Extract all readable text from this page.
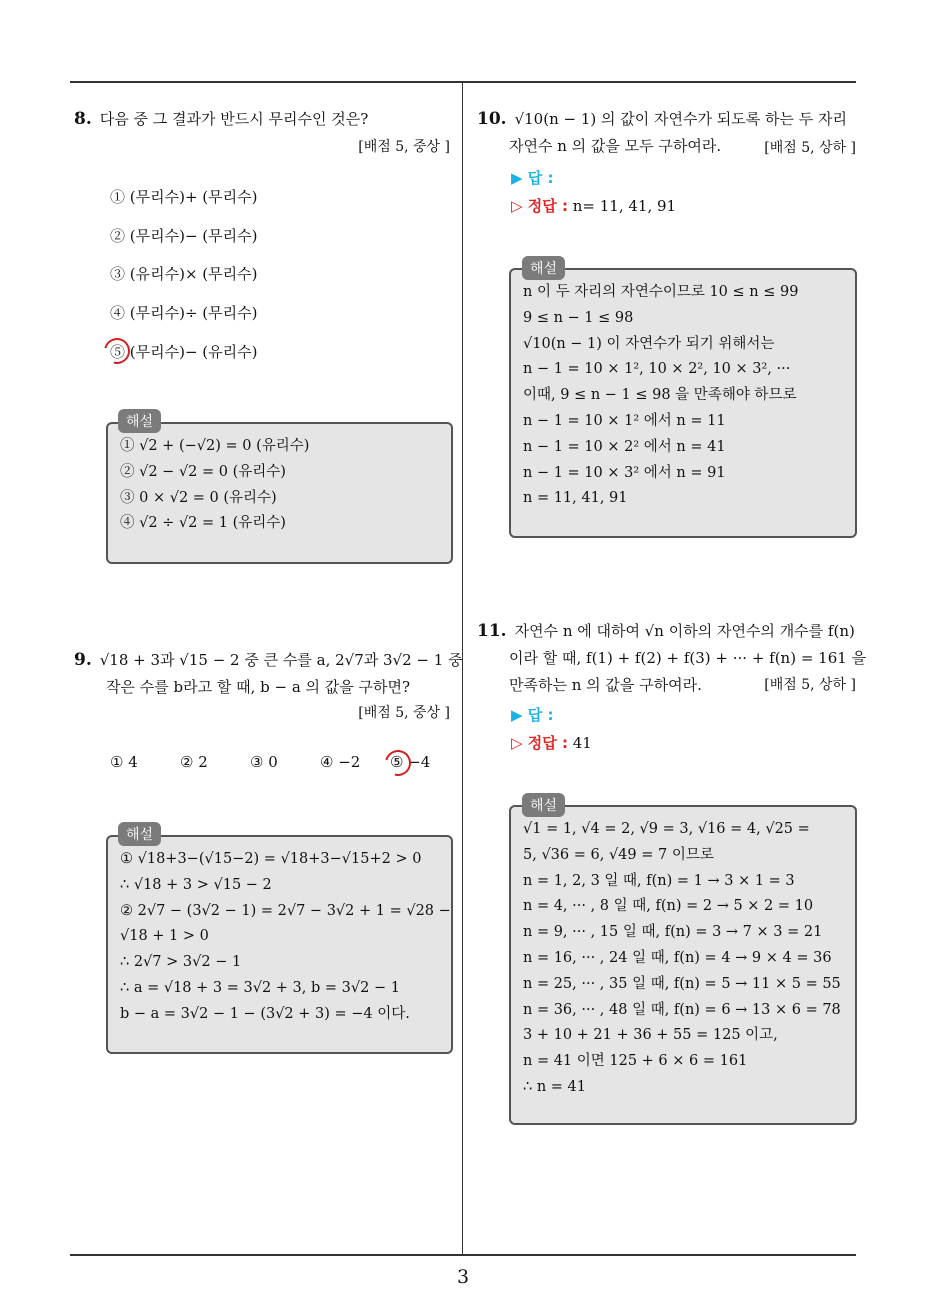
3
8. 다음 중 그 결과가 반드시 무리수인 것은?
[배점 5, 중상 ]
① (무리수)+ (무리수)
② (무리수)− (무리수)
③ (유리수)× (무리수)
④ (무리수)÷ (무리수)
⑤ (무리수)− (유리수)
① √2 + (−√2) = 0 (유리수)
② √2 − √2 = 0 (유리수)
③ 0 × √2 = 0 (유리수)
④ √2 ÷ √2 = 1 (유리수)
해설
9. √18 + 3과 √15 − 2 중 큰 수를 a, 2√7과 3√2 − 1 중
작은 수를 b라고 할 때, b − a 의 값을 구하면?
[배점 5, 중상 ]
① 4	② 2	③ 0	④ −2 ⑤ −4
① √18+3−(√15−2) = √18+3−√15+2 > 0
∴ √18 + 3 > √15 − 2
② 2√7 − (3√2 − 1) = 2√7 − 3√2 + 1 = √28 −
√18 + 1 > 0
∴ 2√7 > 3√2 − 1
∴ a = √18 + 3 = 3√2 + 3, b = 3√2 − 1
b − a = 3√2 − 1 − (3√2 + 3) = −4 이다.
해설
10. √10(n − 1) 의 값이 자연수가 되도록 하는 두 자리
자연수 n 의 값을 모두 구하여라.	[배점 5, 상하 ]
▶ 답 :
▷ 정답 : n= 11, 41, 91
n 이 두 자리의 자연수이므로 10 ≤ n ≤ 99
9 ≤ n − 1 ≤ 98
√10(n − 1) 이 자연수가 되기 위해서는
n − 1 = 10 × 1², 10 × 2², 10 × 3², ···
이때, 9 ≤ n − 1 ≤ 98 을 만족해야 하므로
n − 1 = 10 × 1² 에서 n = 11
n − 1 = 10 × 2² 에서 n = 41
n − 1 = 10 × 3² 에서 n = 91
n = 11, 41, 91
해설
11. 자연수 n 에 대하여 √n 이하의 자연수의 개수를 f(n)
이라 할 때, f(1) + f(2) + f(3) + ··· + f(n) = 161 을
만족하는 n 의 값을 구하여라.	[배점 5, 상하 ]
▶ 답 :
▷ 정답 : 41
√1 = 1, √4 = 2, √9 = 3, √16 = 4, √25 =
5, √36 = 6, √49 = 7 이므로
n = 1, 2, 3 일 때, f(n) = 1 → 3 × 1 = 3
n = 4, ··· , 8 일 때, f(n) = 2 → 5 × 2 = 10
n = 9, ··· , 15 일 때, f(n) = 3 → 7 × 3 = 21
n = 16, ··· , 24 일 때, f(n) = 4 → 9 × 4 = 36
n = 25, ··· , 35 일 때, f(n) = 5 → 11 × 5 = 55
n = 36, ··· , 48 일 때, f(n) = 6 → 13 × 6 = 78
3 + 10 + 21 + 36 + 55 = 125 이고,
n = 41 이면 125 + 6 × 6 = 161
∴ n = 41
해설
